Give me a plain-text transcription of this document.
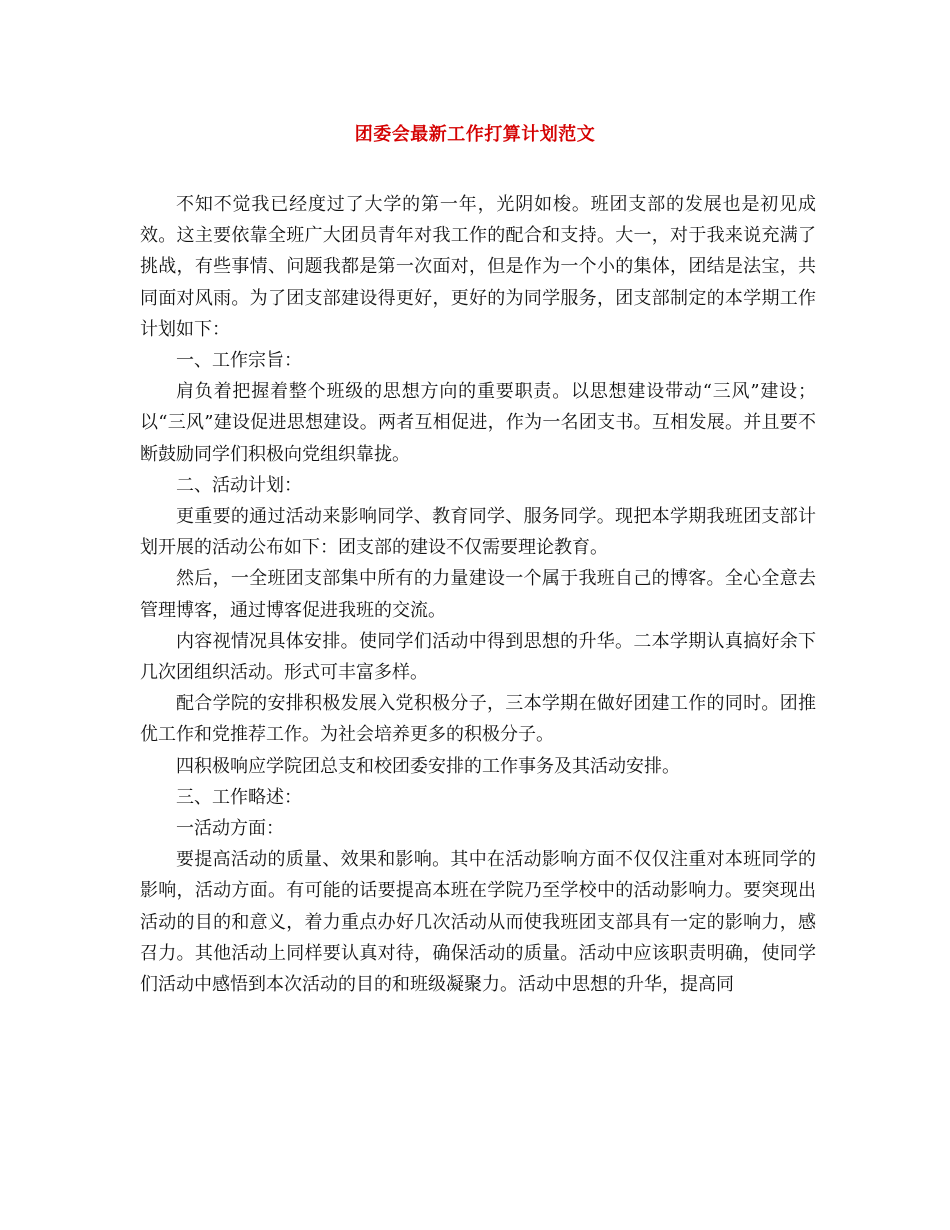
团委会最新工作打算计划范文

不知不觉我已经度过了大学的第一年，光阴如梭。班团支部的发展也是初见成效。这主要依靠全班广大团员青年对我工作的配合和支持。大一，对于我来说充满了挑战，有些事情、问题我都是第一次面对，但是作为一个小的集体，团结是法宝，共同面对风雨。为了团支部建设得更好，更好的为同学服务，团支部制定的本学期工作计划如下：

一、工作宗旨：

肩负着把握着整个班级的思想方向的重要职责。以思想建设带动“三风”建设；以“三风”建设促进思想建设。两者互相促进，作为一名团支书。互相发展。并且要不断鼓励同学们积极向党组织靠拢。

二、活动计划：

更重要的通过活动来影响同学、教育同学、服务同学。现把本学期我班团支部计划开展的活动公布如下：团支部的建设不仅需要理论教育。

然后，一全班团支部集中所有的力量建设一个属于我班自己的博客。全心全意去管理博客，通过博客促进我班的交流。

内容视情况具体安排。使同学们活动中得到思想的升华。二本学期认真搞好余下几次团组织活动。形式可丰富多样。

配合学院的安排积极发展入党积极分子，三本学期在做好团建工作的同时。团推优工作和党推荐工作。为社会培养更多的积极分子。

四积极响应学院团总支和校团委安排的工作事务及其活动安排。

三、工作略述：

一活动方面：

要提高活动的质量、效果和影响。其中在活动影响方面不仅仅注重对本班同学的影响，活动方面。有可能的话要提高本班在学院乃至学校中的活动影响力。要突现出活动的目的和意义，着力重点办好几次活动从而使我班团支部具有一定的影响力，感召力。其他活动上同样要认真对待，确保活动的质量。活动中应该职责明确，使同学们活动中感悟到本次活动的目的和班级凝聚力。活动中思想的升华，提高同
